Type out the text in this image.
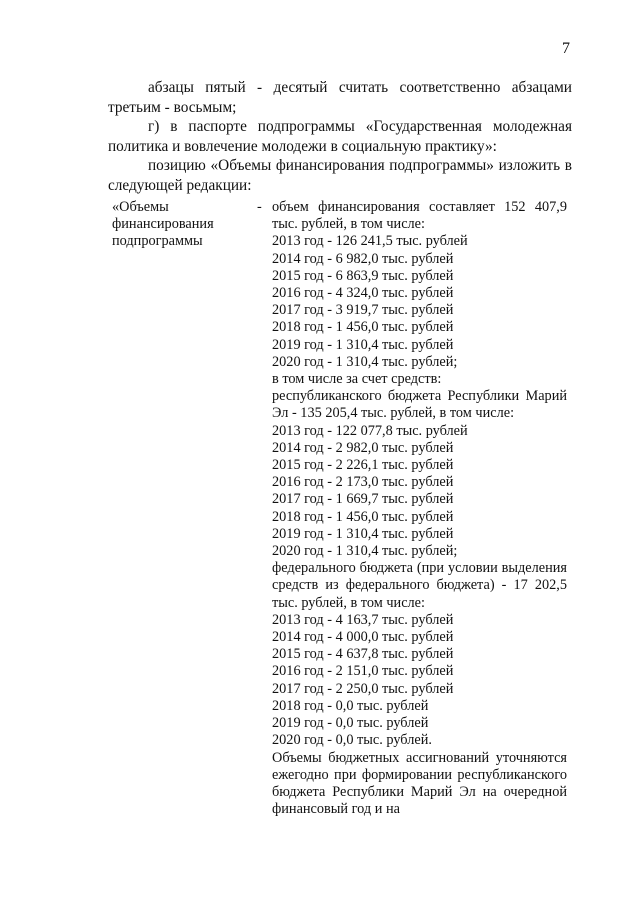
7

абзацы пятый - десятый считать соответственно абзацами третьим - восьмым;

г) в паспорте подпрограммы «Государственная молодежная политика и вовлечение молодежи в социальную практику»:

позицию «Объемы финансирования подпрограммы» изложить в следующей редакции:

«Объемы
финансирования
подпрограммы
- объем финансирования составляет 152 407,9 тыс. рублей, в том числе:
2013 год - 126 241,5 тыс. рублей
2014 год - 6 982,0 тыс. рублей
2015 год - 6 863,9 тыс. рублей
2016 год - 4 324,0 тыс. рублей
2017 год - 3 919,7 тыс. рублей
2018 год - 1 456,0 тыс. рублей
2019 год - 1 310,4 тыс. рублей
2020 год - 1 310,4 тыс. рублей;
в том числе за счет средств:
республиканского бюджета Республики Марий Эл - 135 205,4 тыс. рублей, в том числе:
2013 год - 122 077,8 тыс. рублей
2014 год - 2 982,0 тыс. рублей
2015 год - 2 226,1 тыс. рублей
2016 год - 2 173,0 тыс. рублей
2017 год - 1 669,7 тыс. рублей
2018 год - 1 456,0 тыс. рублей
2019 год - 1 310,4 тыс. рублей
2020 год - 1 310,4 тыс. рублей;
федерального бюджета (при условии выделения средств из федерального бюджета) - 17 202,5 тыс. рублей, в том числе:
2013 год - 4 163,7 тыс. рублей
2014 год - 4 000,0 тыс. рублей
2015 год - 4 637,8 тыс. рублей
2016 год - 2 151,0 тыс. рублей
2017 год - 2 250,0 тыс. рублей
2018 год - 0,0 тыс. рублей
2019 год - 0,0 тыс. рублей
2020 год - 0,0 тыс. рублей.
Объемы бюджетных ассигнований уточняются ежегодно при формировании республиканского бюджета Республики Марий Эл на очередной финансовый год и на
